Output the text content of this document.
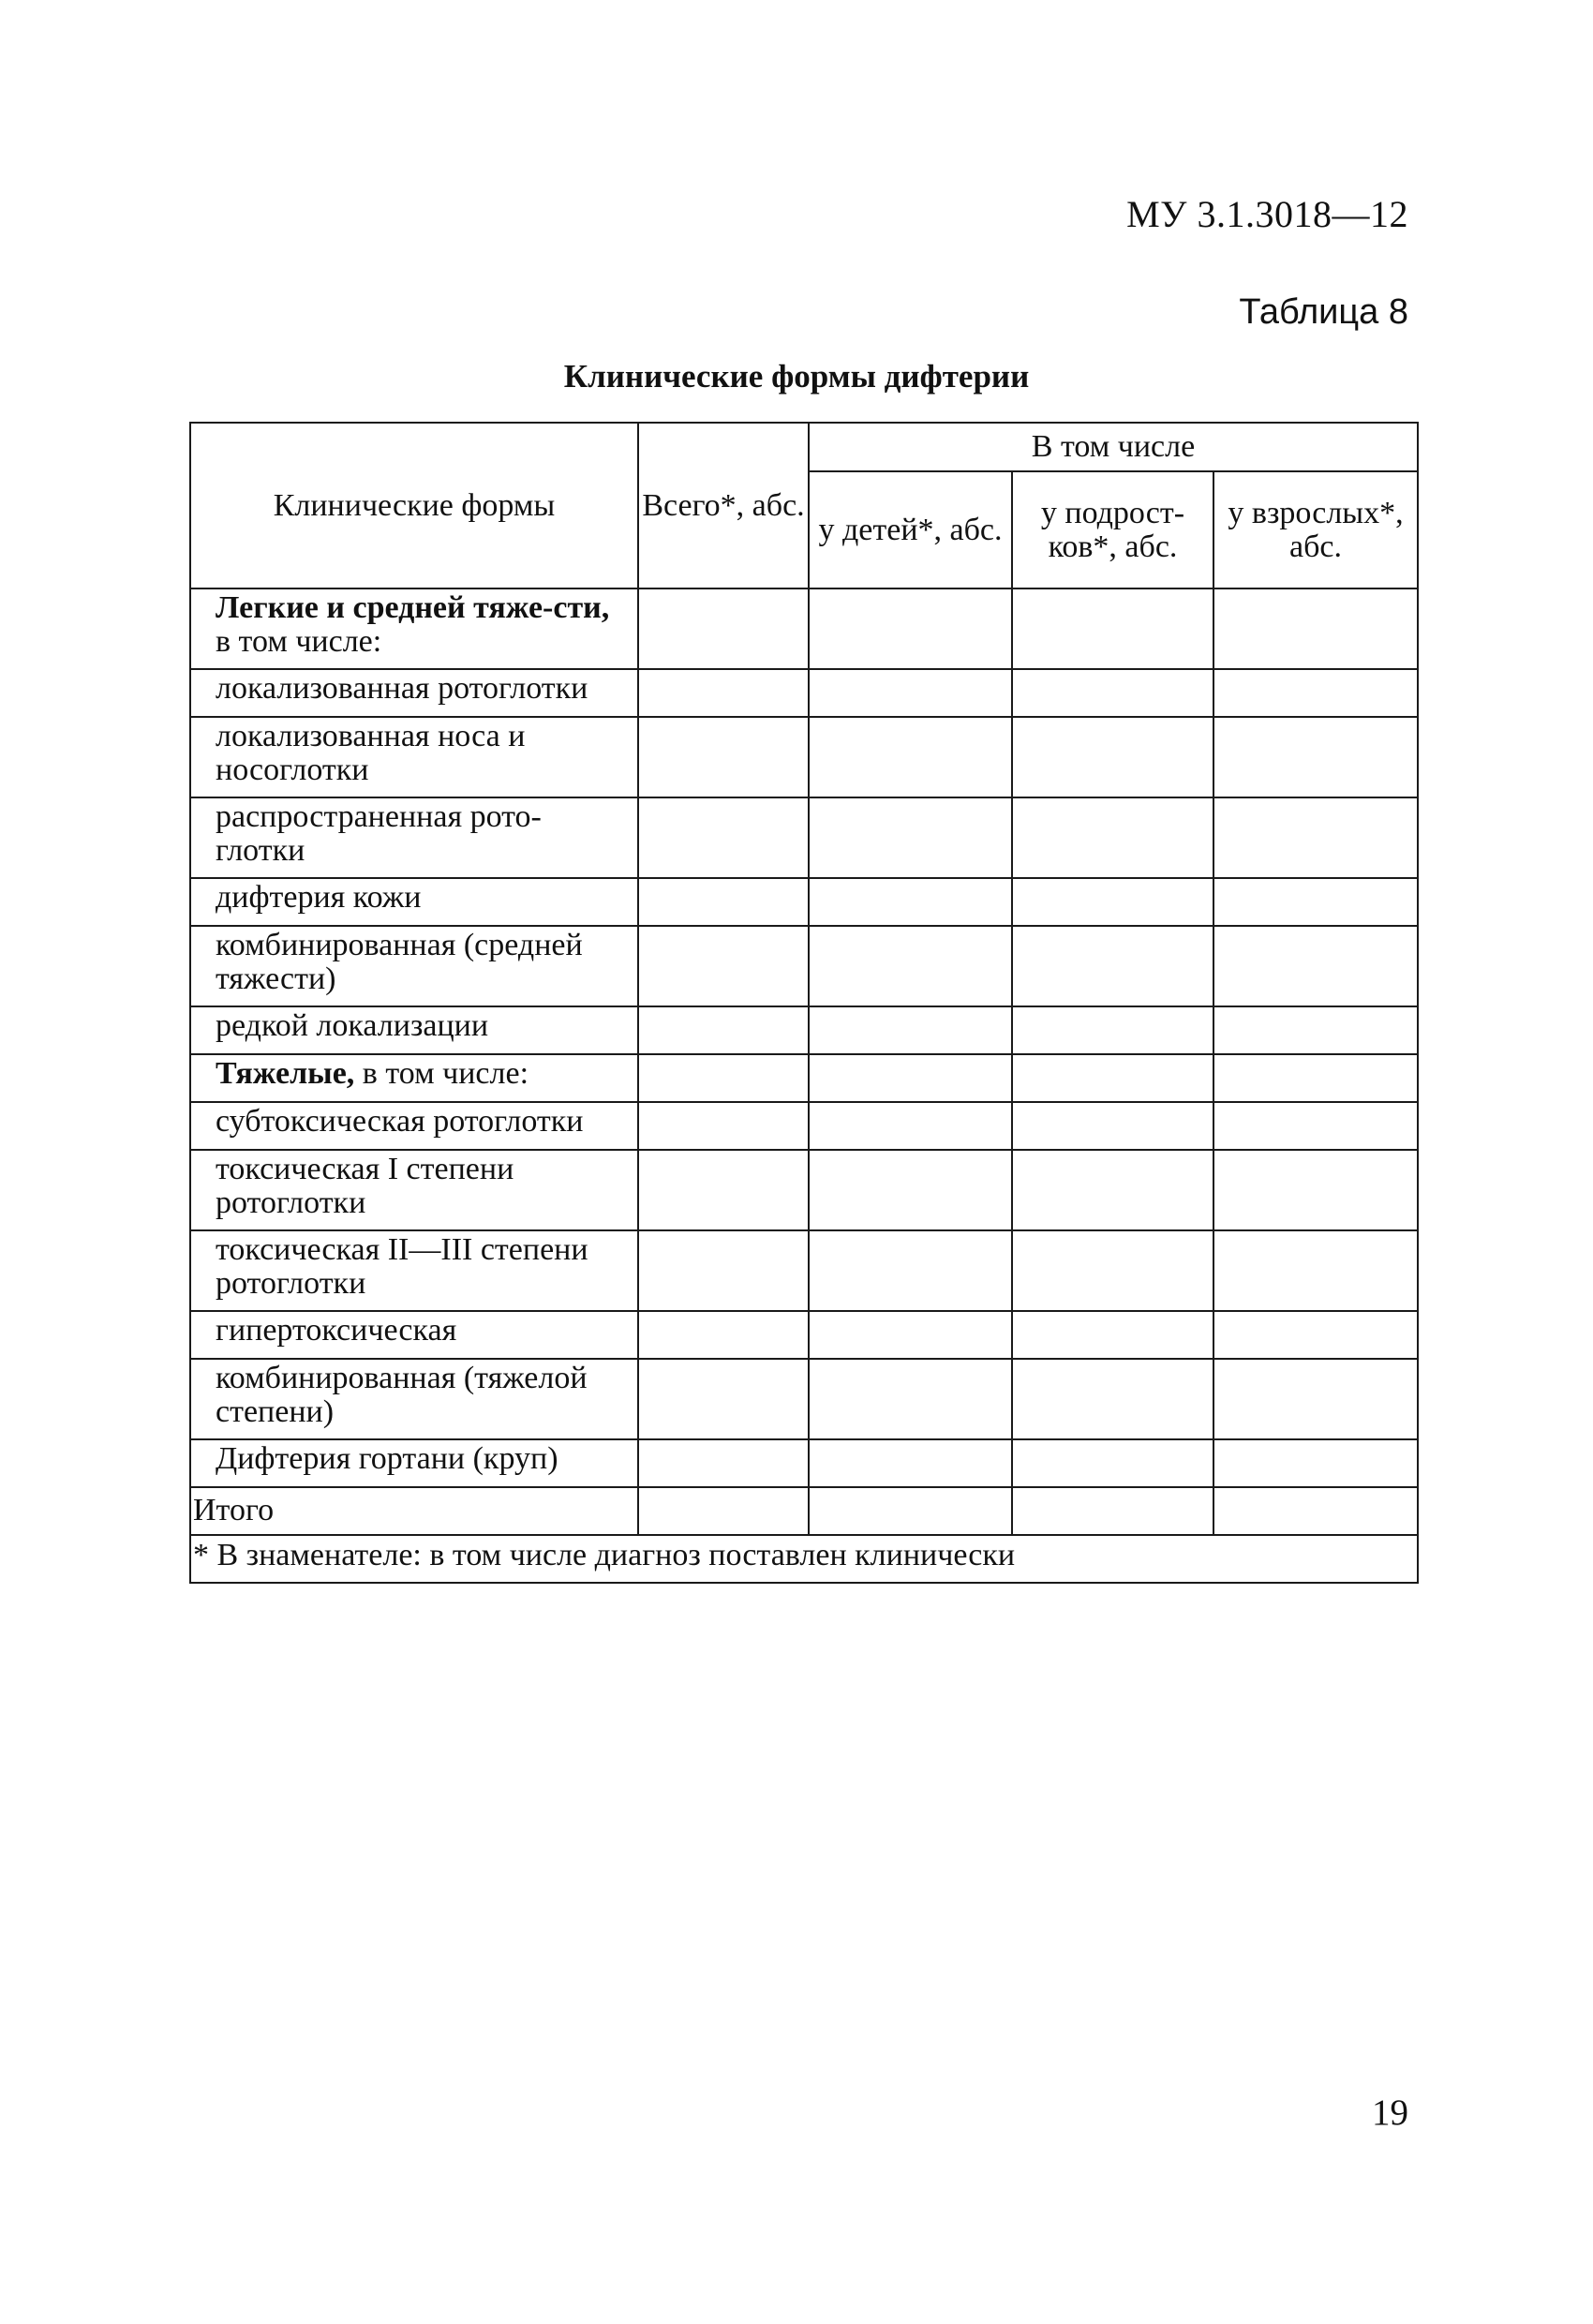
МУ 3.1.3018—12
Таблица 8
Клинические формы дифтерии
Клинические формы	Всего*, абс.	В том числе		
		у детей*, абс.	у подрост-ков*, абс.	у взрослых*, абс.
Легкие и средней тяже-сти, в том числе:				
локализованная ротоглотки				
локализованная носа и носоглотки				
распространенная рото-глотки				
дифтерия кожи				
комбинированная (средней тяжести)				
редкой локализации				
Тяжелые, в том числе:				
субтоксическая ротоглотки				
токсическая I степени ротоглотки				
токсическая II—III степени ротоглотки				
гипертоксическая				
комбинированная (тяжелой степени)				
Дифтерия гортани (круп)				
Итого				
* В знаменателе: в том числе диагноз поставлен клинически				
19
